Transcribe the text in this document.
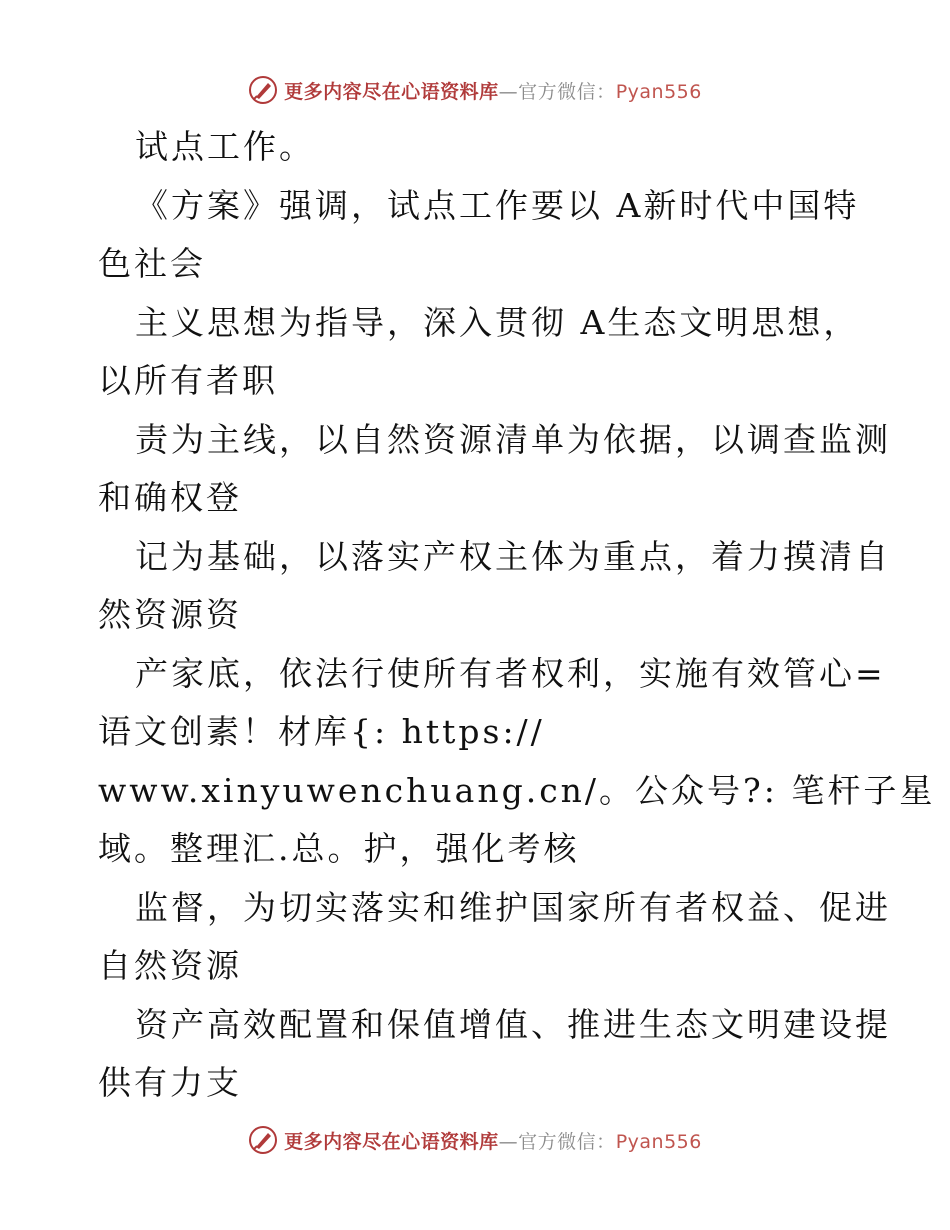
更多内容尽在心语资料库—官方微信：Pyan556
试点工作。
《方案》强调，试点工作要以 A新时代中国特
色社会
主义思想为指导，深入贯彻 A生态文明思想，
以所有者职
责为主线，以自然资源清单为依据，以调查监测
和确权登
记为基础，以落实产权主体为重点，着力摸清自
然资源资
产家底，依法行使所有者权利，实施有效管心=
语文创素！材库{: https://
www.xinyuwenchuang.cn/。公众号?: 笔杆子星
域。整理汇.总。护，强化考核
监督，为切实落实和维护国家所有者权益、促进
自然资源
资产高效配置和保值增值、推进生态文明建设提
供有力支
更多内容尽在心语资料库—官方微信：Pyan556
